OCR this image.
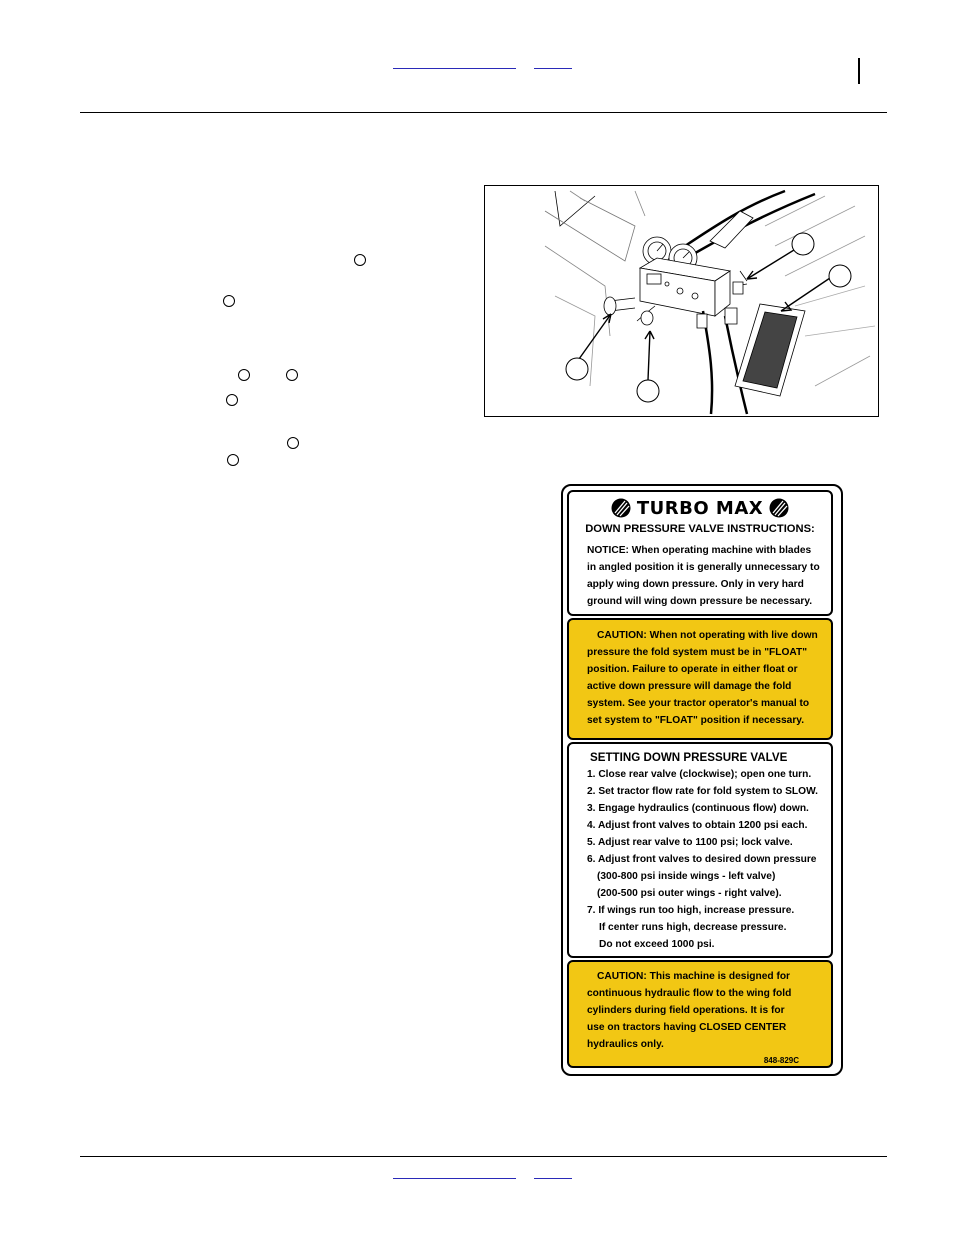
TURBO MAX
DOWN PRESSURE VALVE INSTRUCTIONS:
NOTICE: When operating machine with blades
in angled position it is generally unnecessary to
apply wing down pressure. Only in very hard
ground will wing down pressure be necessary.
CAUTION: When not operating with live down
pressure the fold system must be in "FLOAT"
position. Failure to operate in either float or
active down pressure will damage the fold
system. See your tractor operator's manual to
set system to "FLOAT" position if necessary.
SETTING DOWN PRESSURE VALVE
1. Close rear valve (clockwise); open one turn.
2. Set tractor flow rate for fold system to SLOW.
3. Engage hydraulics (continuous flow) down.
4. Adjust front valves to obtain 1200 psi each.
5. Adjust rear valve to 1100 psi; lock valve.
6. Adjust front valves to desired down pressure
(300-800 psi inside wings - left valve)
(200-500 psi outer wings - right valve).
7. If wings run too high, increase pressure.
If center runs high, decrease pressure.
Do not exceed 1000 psi.
CAUTION: This machine is designed for
continuous hydraulic flow to the wing fold
cylinders during field operations. It is for
use on tractors having CLOSED CENTER
hydraulics only.
848-829C
